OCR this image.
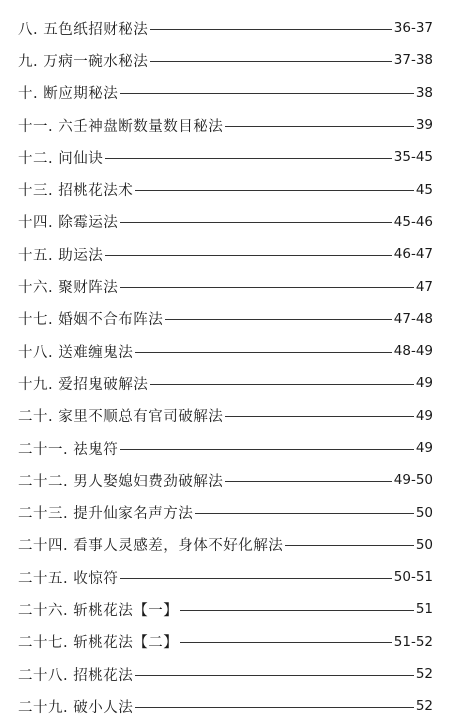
八. 五色纸招财秘法	36-37
九. 万病一碗水秘法	37-38
十. 断应期秘法	38
十一. 六壬神盘断数量数目秘法	39
十二. 问仙诀	35-45
十三. 招桃花法术	45
十四. 除霉运法	45-46
十五. 助运法	46-47
十六. 聚财阵法	47
十七. 婚姻不合布阵法	47-48
十八. 送难缠鬼法	48-49
十九. 爱招鬼破解法	49
二十. 家里不顺总有官司破解法	49
二十一. 祛鬼符	49
二十二. 男人娶媳妇费劲破解法	49-50
二十三. 提升仙家名声方法	50
二十四. 看事人灵感差，身体不好化解法	50
二十五. 收惊符	50-51
二十六. 斩桃花法【一】	51
二十七. 斩桃花法【二】	51-52
二十八. 招桃花法	52
二十九. 破小人法	52
